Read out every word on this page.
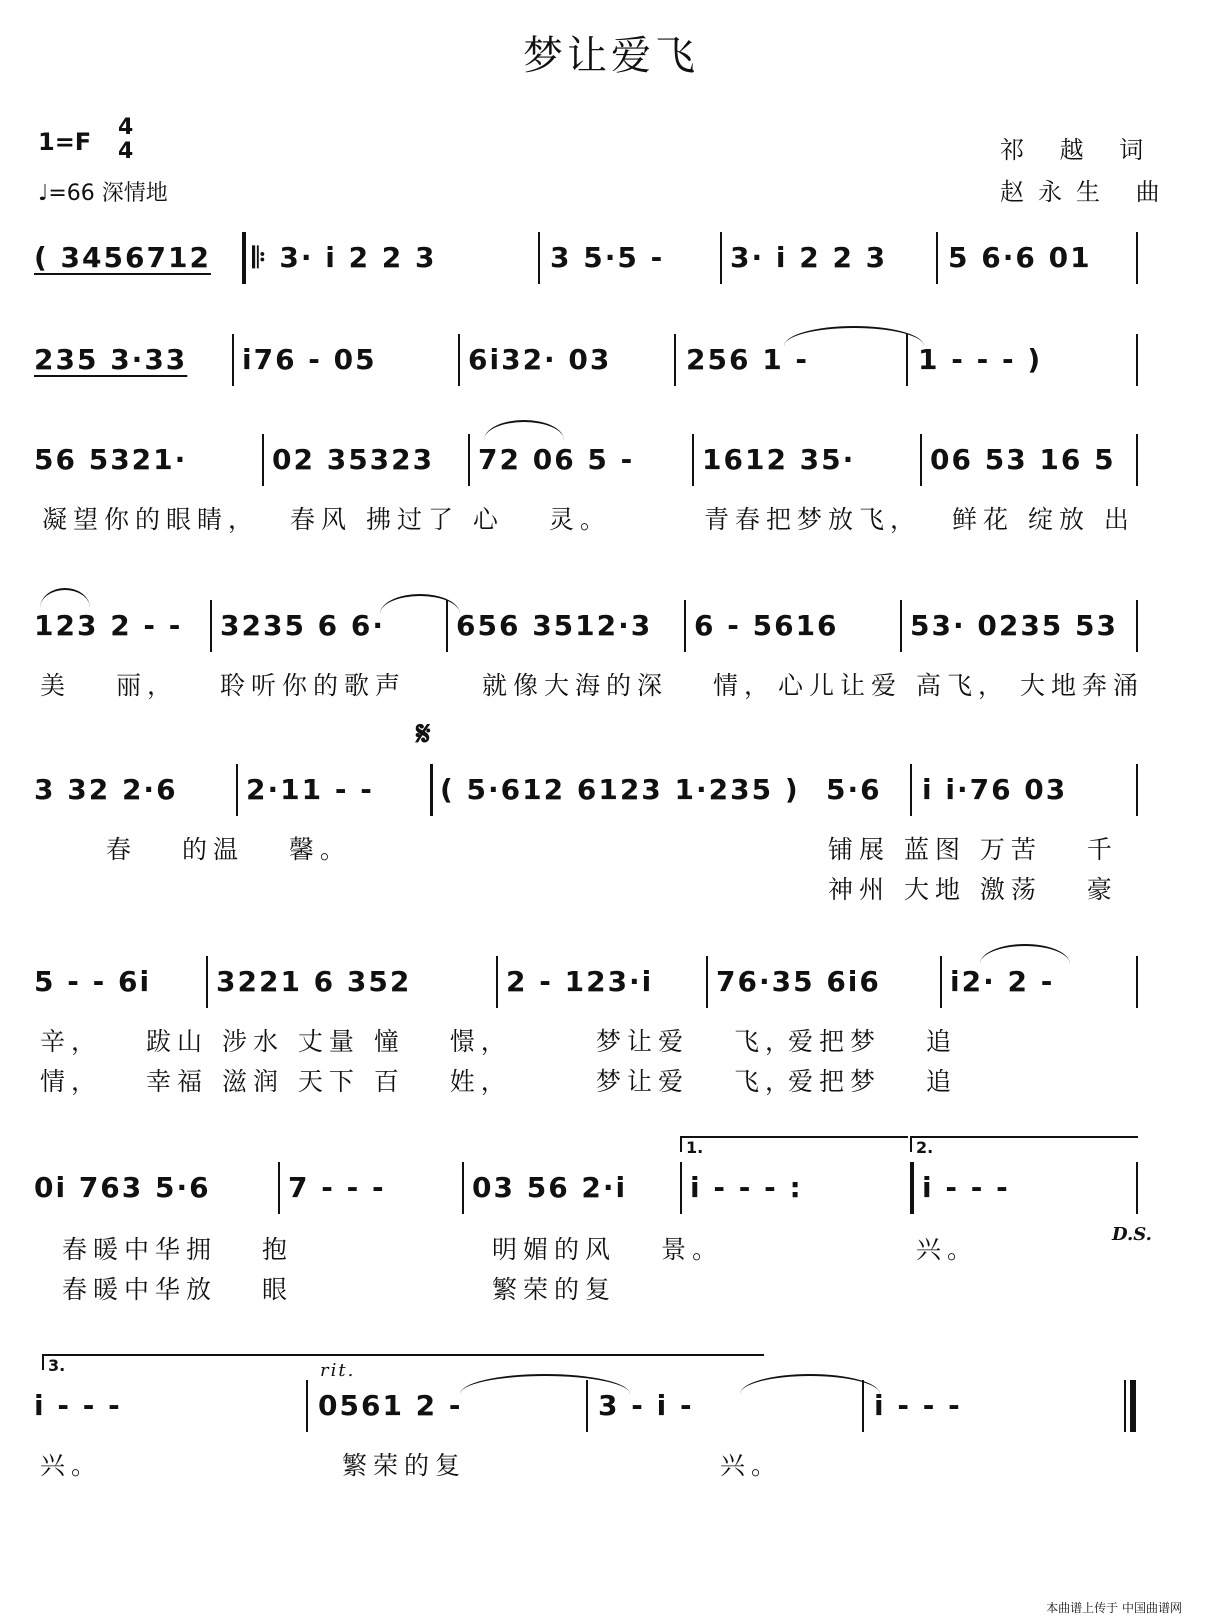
梦让爱飞
1=F
4
4
♩=66 深情地
祁 越 词
赵永生 曲
( 3456712	𝄆 3· i 2 2 3	3 5·5 -	3· i 2 2 3	5 6·6 01
235 3·33	i76 - 05	6i32· 03	256 1 -	1 - - - )
56 5321·	02 35323	72 06 5 -	1612 35·	06 53 16 5
凝望你的眼睛， 春风 拂过了 心　 灵。	青春把梦放飞， 鲜花 绽放 出
123 2 - -	3235 6 6·	656 3512·3	6 - 5616	53· 0235 53
美　 丽， 聆听你的歌声	就像大海的深　 情， 心儿让爱 高飞， 大地奔涌
𝄋
3 32 2·6	2·11 - -	( 5·612 6123 1·235 ) 5·6	i i·76 03
春　 的温　 馨。	铺展 蓝图 万苦　 千
神州 大地 激荡　 豪
5 - - 6i	3221 6 352	2 - 123·i	76·35 6i6	i2· 2 -
辛， 跋山 涉水 丈量 憧　 憬，	梦让爱　 飞，
爱把梦　 追
情， 幸福 滋润 天下 百　 姓，	梦让爱　 飞，
爱把梦　 追
1.	2.
0i 763 5·6	7 - - -	03 56 2·i	i - - - :	i - - -
春暖中华拥　 抱	明媚的风　 景。	兴。
春暖中华放　 眼	繁荣的复
D.S.
3.	rit.
i - - -	0561 2 -	3 - i -	i - - -
兴。	繁荣的复	兴。
本曲谱上传于 中国曲谱网
